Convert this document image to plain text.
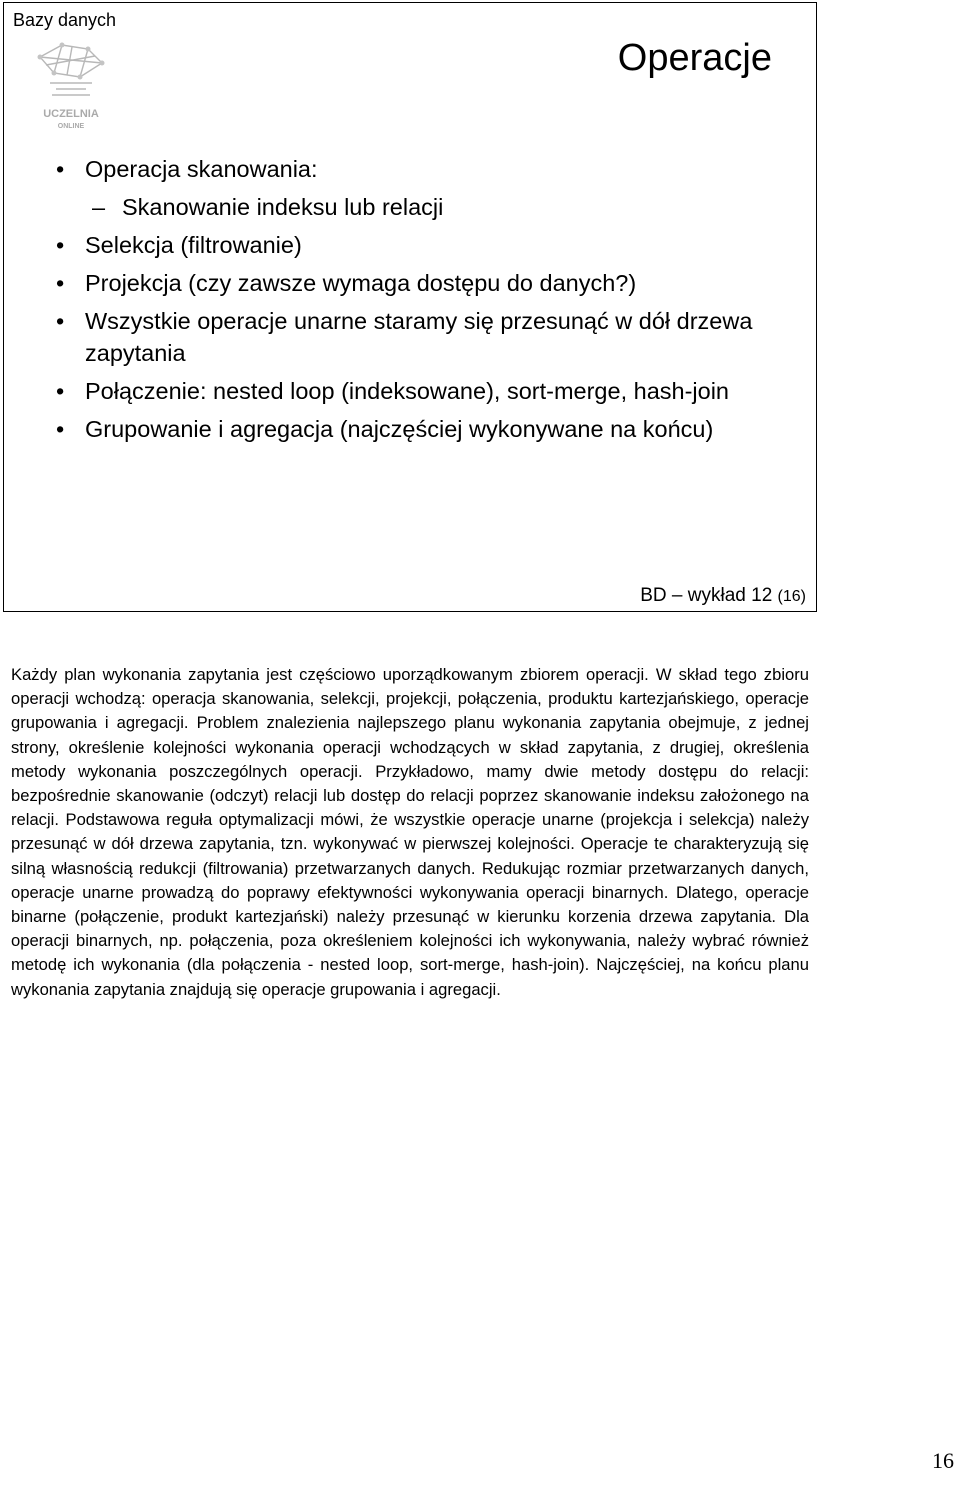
Bazy danych
UCZELNIA
ONLINE
Operacje
• Operacja skanowania:
– Skanowanie indeksu lub relacji
• Selekcja (filtrowanie)
• Projekcja (czy zawsze wymaga dostępu do danych?)
• Wszystkie operacje unarne staramy się przesunąć w dół drzewa zapytania
• Połączenie: nested loop (indeksowane), sort-merge, hash-join
• Grupowanie i agregacja (najczęściej wykonywane na końcu)
BD – wykład 12 (16)

Każdy plan wykonania zapytania jest częściowo uporządkowanym zbiorem operacji. W skład tego zbioru operacji wchodzą: operacja skanowania, selekcji, projekcji, połączenia, produktu kartezjańskiego, operacje grupowania i agregacji. Problem znalezienia najlepszego planu wykonania zapytania obejmuje, z jednej strony, określenie kolejności wykonania operacji wchodzących w skład zapytania, z drugiej, określenia metody wykonania poszczególnych operacji. Przykładowo, mamy dwie metody dostępu do relacji: bezpośrednie skanowanie (odczyt) relacji lub dostęp do relacji poprzez skanowanie indeksu założonego na relacji. Podstawowa reguła optymalizacji mówi, że wszystkie operacje unarne (projekcja i selekcja) należy przesunąć w dół drzewa zapytania, tzn. wykonywać w pierwszej kolejności. Operacje te charakteryzują się silną własnością redukcji (filtrowania) przetwarzanych danych. Redukując rozmiar przetwarzanych danych, operacje unarne prowadzą do poprawy efektywności wykonywania operacji binarnych. Dlatego, operacje binarne (połączenie, produkt kartezjański) należy przesunąć w kierunku korzenia drzewa zapytania. Dla operacji binarnych, np. połączenia, poza określeniem kolejności ich wykonywania, należy wybrać również metodę ich wykonania (dla połączenia - nested loop, sort-merge, hash-join). Najczęściej, na końcu planu wykonania zapytania znajdują się operacje grupowania i agregacji.

16
